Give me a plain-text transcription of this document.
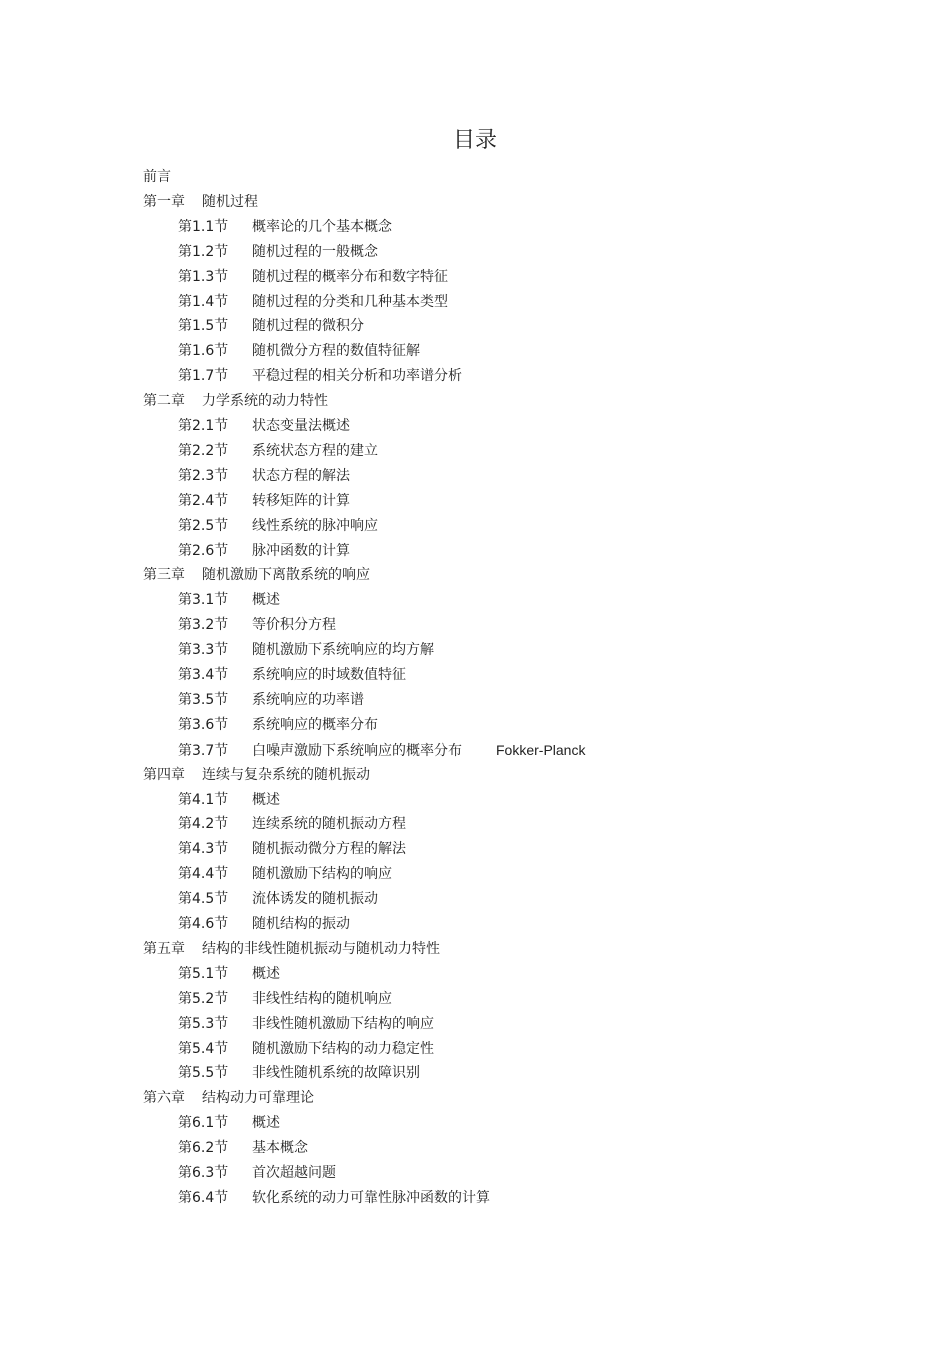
目录
前言
第一章 随机过程
第1.1节 概率论的几个基本概念
第1.2节 随机过程的一般概念
第1.3节 随机过程的概率分布和数字特征
第1.4节 随机过程的分类和几种基本类型
第1.5节 随机过程的微积分
第1.6节 随机微分方程的数值特征解
第1.7节 平稳过程的相关分析和功率谱分析
第二章 力学系统的动力特性
第2.1节 状态变量法概述
第2.2节 系统状态方程的建立
第2.3节 状态方程的解法
第2.4节 转移矩阵的计算
第2.5节 线性系统的脉冲响应
第2.6节 脉冲函数的计算
第三章 随机激励下离散系统的响应
第3.1节 概述
第3.2节 等价积分方程
第3.3节 随机激励下系统响应的均方解
第3.4节 系统响应的时域数值特征
第3.5节 系统响应的功率谱
第3.6节 系统响应的概率分布
第3.7节 白噪声激励下系统响应的概率分布 Fokker-Planck
第四章 连续与复杂系统的随机振动
第4.1节 概述
第4.2节 连续系统的随机振动方程
第4.3节 随机振动微分方程的解法
第4.4节 随机激励下结构的响应
第4.5节 流体诱发的随机振动
第4.6节 随机结构的振动
第五章 结构的非线性随机振动与随机动力特性
第5.1节 概述
第5.2节 非线性结构的随机响应
第5.3节 非线性随机激励下结构的响应
第5.4节 随机激励下结构的动力稳定性
第5.5节 非线性随机系统的故障识别
第六章 结构动力可靠理论
第6.1节 概述
第6.2节 基本概念
第6.3节 首次超越问题
第6.4节 软化系统的动力可靠性脉冲函数的计算
